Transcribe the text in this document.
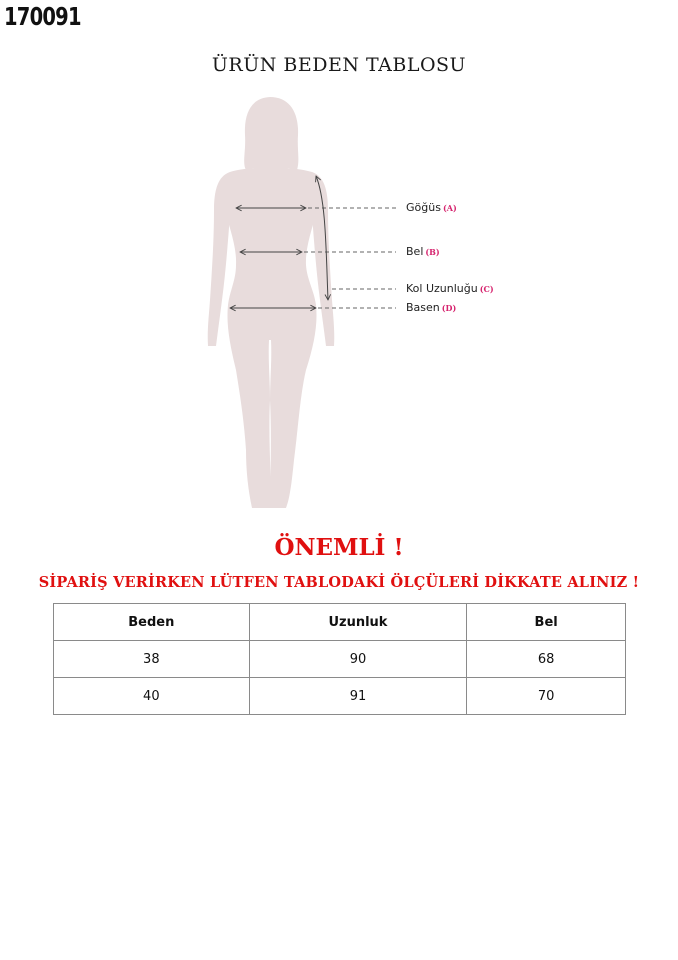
170091
ÜRÜN BEDEN TABLOSU
Göğüs (A)
Bel (B)
Kol Uzunluğu (C)
Basen (D)
ÖNEMLİ !
SİPARİŞ VERİRKEN LÜTFEN TABLODAKİ ÖLÇÜLERİ DİKKATE ALINIZ !
Beden	Uzunluk	Bel
38	90	68
40	91	70
